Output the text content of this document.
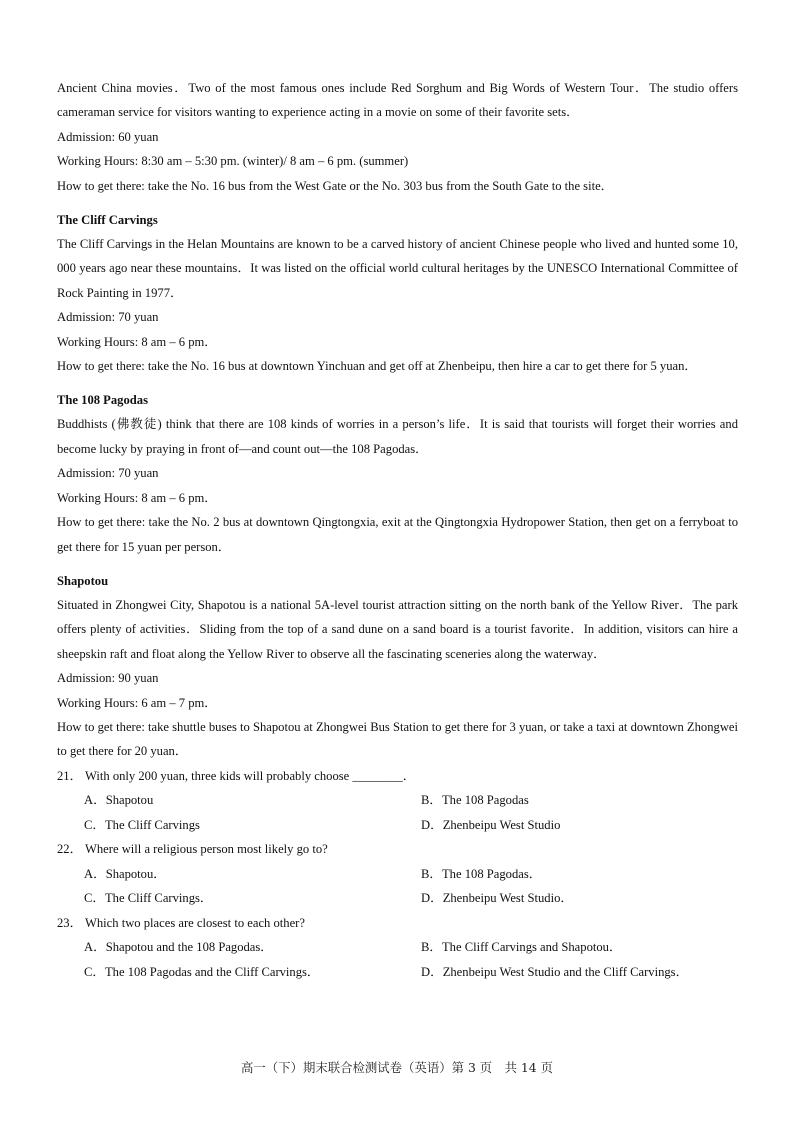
Ancient China movies．Two of the most famous ones include Red Sorghum and Big Words of Western Tour．The studio offers cameraman service for visitors wanting to experience acting in a movie on some of their favorite sets．

Admission: 60 yuan

Working Hours: 8:30 am – 5:30 pm. (winter)/ 8 am – 6 pm. (summer)

How to get there: take the No. 16 bus from the West Gate or the No. 303 bus from the South Gate to the site．

The Cliff Carvings

The Cliff Carvings in the Helan Mountains are known to be a carved history of ancient Chinese people who lived and hunted some 10, 000 years ago near these mountains．It was listed on the official world cultural heritages by the UNESCO International Committee of Rock Painting in 1977．

Admission: 70 yuan

Working Hours: 8 am – 6 pm．

How to get there: take the No. 16 bus at downtown Yinchuan and get off at Zhenbeipu, then hire a car to get there for 5 yuan．

The 108 Pagodas

Buddhists (佛教徒) think that there are 108 kinds of worries in a person’s life．It is said that tourists will forget their worries and become lucky by praying in front of—and count out—the 108 Pagodas．

Admission: 70 yuan

Working Hours: 8 am – 6 pm．

How to get there: take the No. 2 bus at downtown Qingtongxia, exit at the Qingtongxia Hydropower Station, then get on a ferryboat to get there for 15 yuan per person．

Shapotou

Situated in Zhongwei City, Shapotou is a national 5A-level tourist attraction sitting on the north bank of the Yellow River．The park offers plenty of activities．Sliding from the top of a sand dune on a sand board is a tourist favorite．In addition, visitors can hire a sheepskin raft and float along the Yellow River to observe all the fascinating sceneries along the waterway．

Admission: 90 yuan

Working Hours: 6 am – 7 pm．

How to get there: take shuttle buses to Shapotou at Zhongwei Bus Station to get there for 3 yuan, or take a taxi at downtown Zhongwei to get there for 20 yuan．

21． With only 200 yuan, three kids will probably choose ________．
A．Shapotou	B．The 108 Pagodas
C．The Cliff Carvings	D．Zhenbeipu West Studio
22． Where will a religious person most likely go to?
A．Shapotou．	B．The 108 Pagodas．
C．The Cliff Carvings．	D．Zhenbeipu West Studio．
23． Which two places are closest to each other?
A．Shapotou and the 108 Pagodas．	B．The Cliff Carvings and Shapotou．
C．The 108 Pagodas and the Cliff Carvings．	D．Zhenbeipu West Studio and the Cliff Carvings．
高一（下）期末联合检测试卷（英语）第 3 页　共 14 页
